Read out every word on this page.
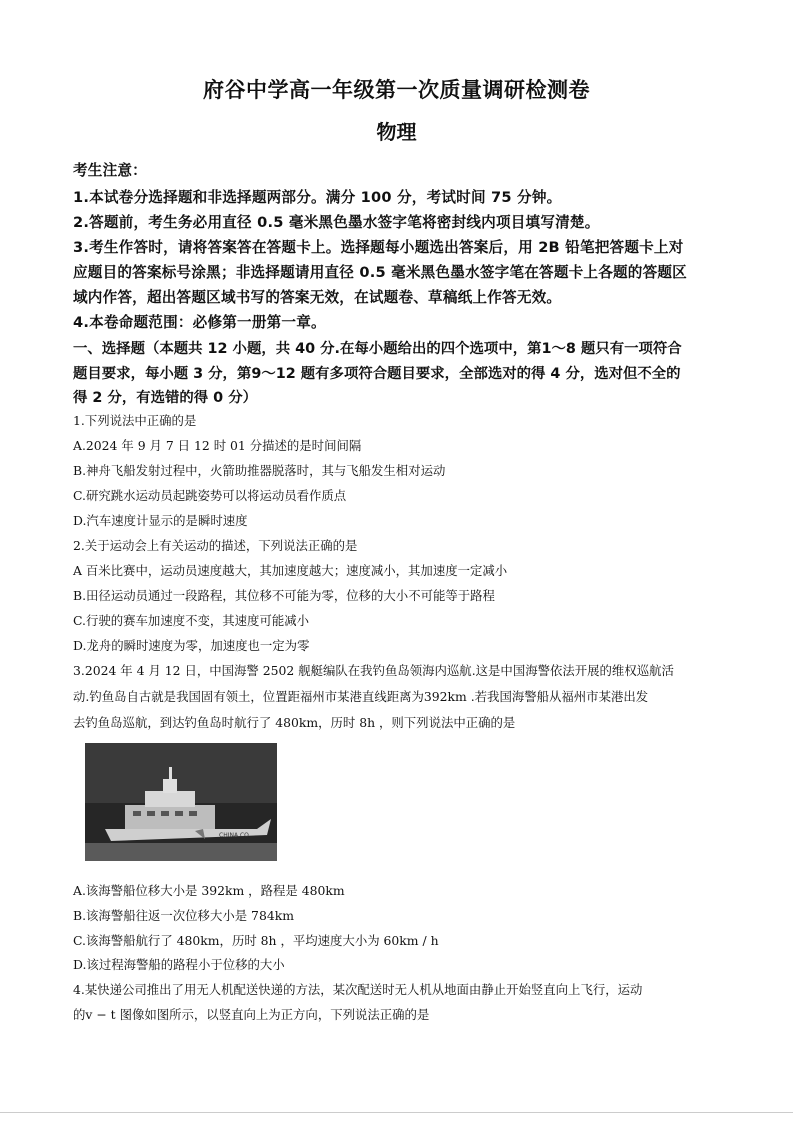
府谷中学高一年级第一次质量调研检测卷
物理
考生注意：
1.本试卷分选择题和非选择题两部分。满分 100 分，考试时间 75 分钟。
2.答题前，考生务必用直径 0.5 毫米黑色墨水签字笔将密封线内项目填写清楚。
3.考生作答时，请将答案答在答题卡上。选择题每小题选出答案后，用 2B 铅笔把答题卡上对
应题目的答案标号涂黑；非选择题请用直径 0.5 毫米黑色墨水签字笔在答题卡上各题的答题区
域内作答，超出答题区域书写的答案无效，在试题卷、草稿纸上作答无效。
4.本卷命题范围：必修第一册第一章。
一、选择题（本题共 12 小题，共 40 分.在每小题给出的四个选项中，第1～8 题只有一项符合
题目要求，每小题 3 分，第9～12 题有多项符合题目要求，全部选对的得 4 分，选对但不全的
得 2 分，有选错的得 0 分）
1.下列说法中正确的是
A.2024 年 9 月 7 日 12 时 01 分描述的是时间间隔
B.神舟飞船发射过程中，火箭助推器脱落时，其与飞船发生相对运动
C.研究跳水运动员起跳姿势可以将运动员看作质点
D.汽车速度计显示的是瞬时速度
2.关于运动会上有关运动的描述，下列说法正确的是
A 百米比赛中，运动员速度越大，其加速度越大；速度减小，其加速度一定减小
B.田径运动员通过一段路程，其位移不可能为零，位移的大小不可能等于路程
C.行驶的赛车加速度不变，其速度可能减小
D.龙舟的瞬时速度为零，加速度也一定为零
3.2024 年 4 月 12 日，中国海警 2502 舰艇编队在我钓鱼岛领海内巡航.这是中国海警依法开展的维权巡航活
动.钓鱼岛自古就是我国固有领土，位置距福州市某港直线距离为392km .若我国海警船从福州市某港出发
去钓鱼岛巡航，到达钓鱼岛时航行了 480km，历时 8h ，则下列说法中正确的是
CHINA CO
A.该海警船位移大小是 392km ，路程是 480km
B.该海警船往返一次位移大小是 784km
C.该海警船航行了 480km，历时 8h ，平均速度大小为 60km / h
D.该过程海警船的路程小于位移的大小
4.某快递公司推出了用无人机配送快递的方法，某次配送时无人机从地面由静止开始竖直向上飞行，运动
的v − t 图像如图所示，以竖直向上为正方向，下列说法正确的是
